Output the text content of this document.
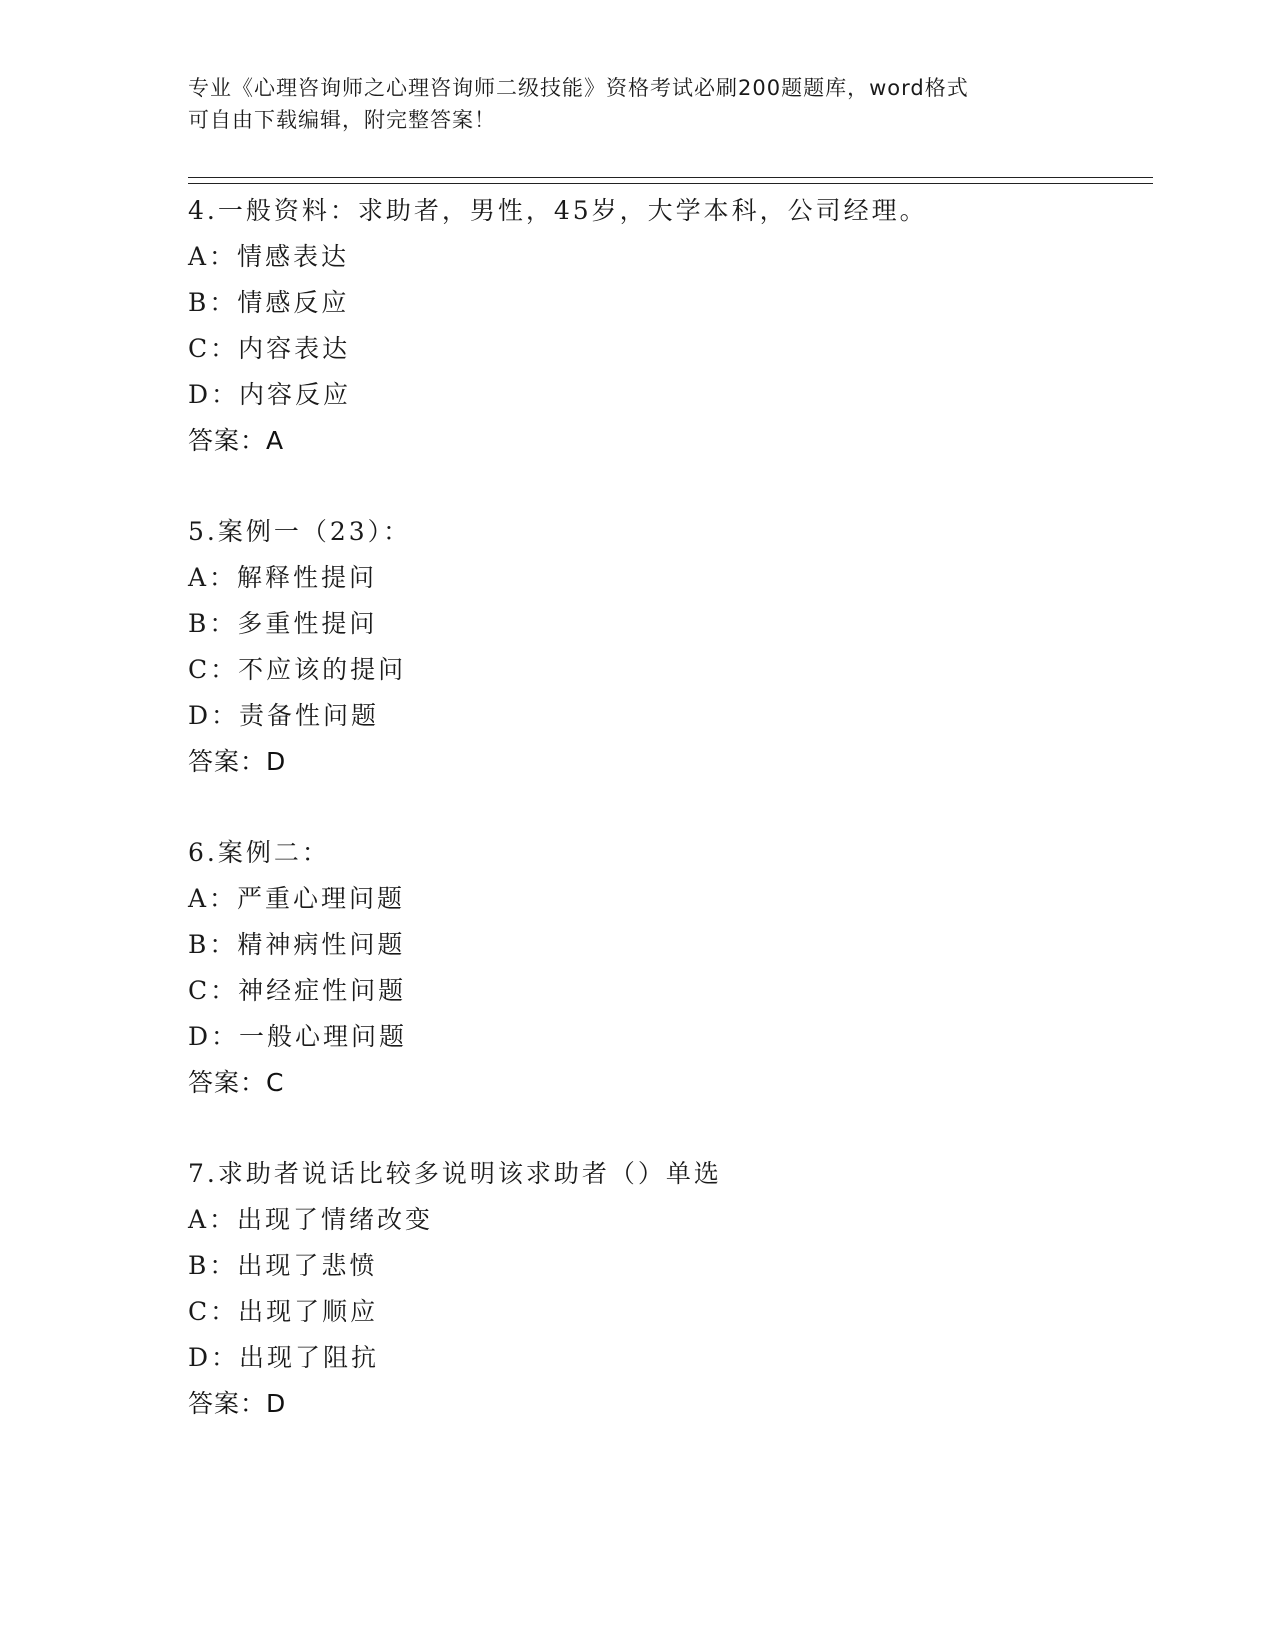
专业《心理咨询师之心理咨询师二级技能》资格考试必刷200题题库，word格式
可自由下载编辑，附完整答案！
4.一般资料：求助者，男性，45岁，大学本科，公司经理。
A：情感表达
B：情感反应
C：内容表达
D：内容反应
答案：A
5.案例一（23）：
A：解释性提问
B：多重性提问
C：不应该的提问
D：责备性问题
答案：D
6.案例二：
A：严重心理问题
B：精神病性问题
C：神经症性问题
D：一般心理问题
答案：C
7.求助者说话比较多说明该求助者（）单选
A：出现了情绪改变
B：出现了悲愤
C：出现了顺应
D：出现了阻抗
答案：D
